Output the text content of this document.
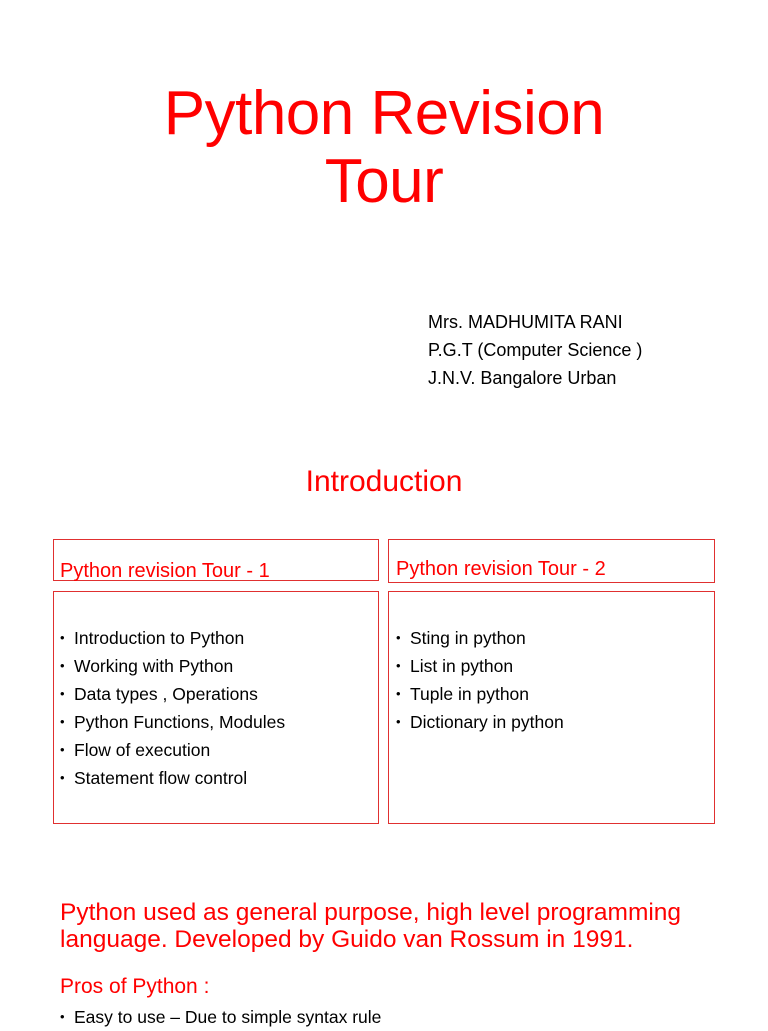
Python Revision
Tour
Mrs. MADHUMITA RANI
P.G.T (Computer Science )
J.N.V. Bangalore Urban
Introduction
Python revision Tour - 1	Python revision Tour - 2
• Introduction to Python
• Working with Python
• Data types , Operations
• Python Functions, Modules
• Flow of execution
• Statement flow control
• Sting in python
• List in python
• Tuple in python
• Dictionary in python
Python used as general purpose, high level programming language. Developed by Guido van Rossum in 1991.
Pros of Python :
• Easy to use – Due to simple syntax rule
